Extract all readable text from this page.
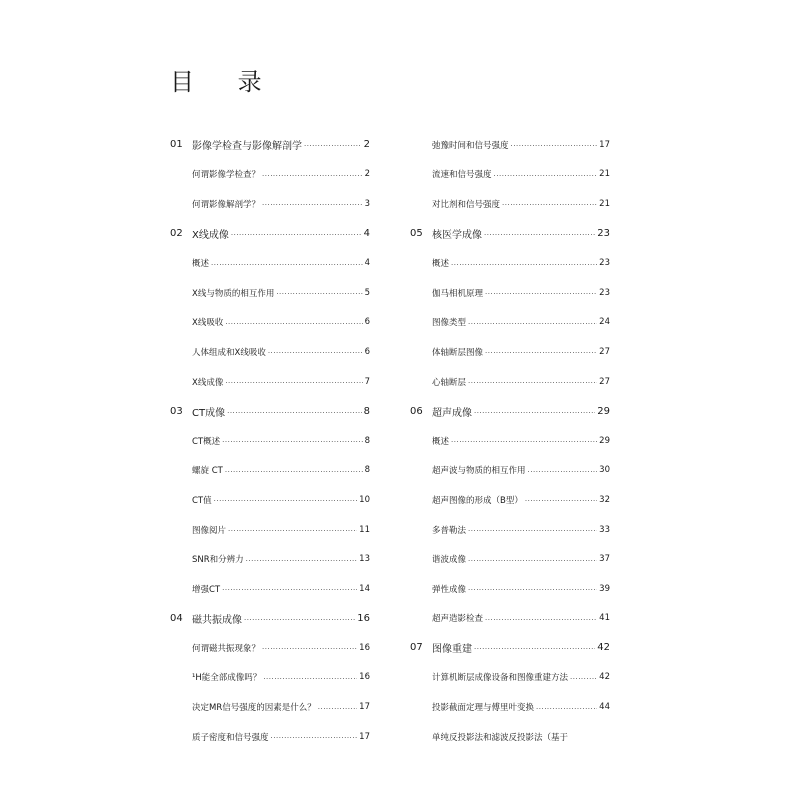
目 录
01 影像学检查与影像解剖学 .....	2
何谓影像学检查？ .....	2
何谓影像解剖学？ .....	3
02 X线成像 .....	4
概述 .....	4
X线与物质的相互作用 .....	5
X线吸收 .....	6
人体组成和X线吸收 .....	6
X线成像 .....	7
03 CT成像 .....	8
CT概述 .....	8
螺旋 CT .....	8
CT值 .....	10
图像阅片 .....	11
SNR和分辨力 .....	13
增强CT .....	14
04 磁共振成像 .....	16
何谓磁共振现象？ .....	16
¹H能全部成像吗？ .....	16
决定MR信号强度的因素是什么？ .....	17
质子密度和信号强度 .....	17
弛豫时间和信号强度 .....	17
流速和信号强度 .....	21
对比剂和信号强度 .....	21
05 核医学成像 .....	23
概述 .....	23
伽马相机原理 .....	23
图像类型 .....	24
体轴断层图像 .....	27
心轴断层 .....	27
06 超声成像 .....	29
概述 .....	29
超声波与物质的相互作用 .....	30
超声图像的形成（B型） .....	32
多普勒法 .....	33
谐波成像 .....	37
弹性成像 .....	39
超声造影检查 .....	41
07 图像重建 .....	42
计算机断层成像设备和图像重建方法 .....	42
投影截面定理与傅里叶变换 .....	44
单纯反投影法和滤波反投影法（基于
